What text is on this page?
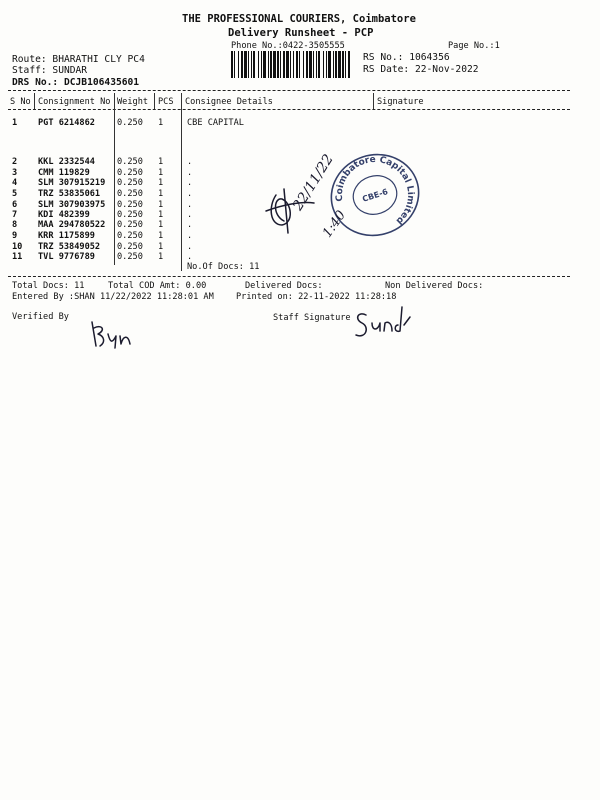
THE PROFESSIONAL COURIERS, Coimbatore
Delivery Runsheet - PCP
Phone No.:0422-3505555	Page No.:1
Route: BHARATHI CLY PC4
Staff: SUNDAR
DRS No.: DCJB106435601
RS No.: 1064356
RS Date: 22-Nov-2022
S No Consignment No Weight PCS Consignee Details	Signature
1 PGT 6214862	0.250 1	CBE CAPITAL
2 KKL 2332544	0.250 1	.
3 CMM 119829	0.250 1	.
4 SLM 307915219 0.250 1	.
5 TRZ 53835061 0.250 1	.
6 SLM 307903975 0.250 1	.
7 KDI 482399	0.250 1	.
8 MAA 294780522 0.250 1	.
9 KRR 1175899	0.250 1	.
10 TRZ 53849052 0.250 1	.
11 TVL 9776789	0.250 1	.
No.Of Docs: 11
Coimbatore Capital Limited
CBE-6
22/11/22
1:40
Total Docs: 11	Total COD Amt: 0.00	Delivered Docs:	Non Delivered Docs:
Entered By :SHAN 11/22/2022 11:28:01 AM	Printed on: 22-11-2022 11:28:18
Verified By	Staff Signature
